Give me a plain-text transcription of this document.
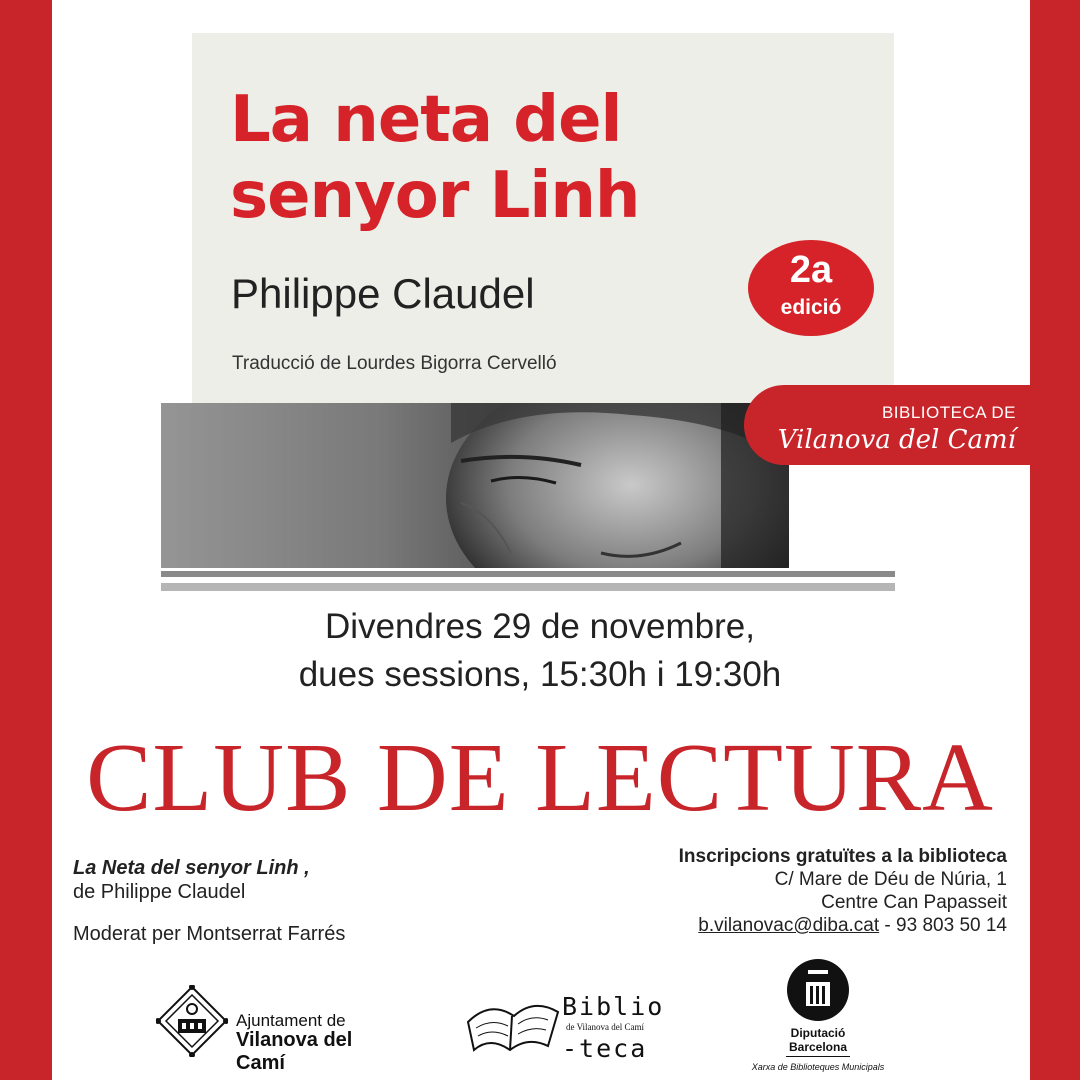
La neta del
senyor Linh
Philippe Claudel
Traducció de Lourdes Bigorra Cervelló
2a
edició
BIBLIOTECA DE
Vilanova del Camí
Divendres 29 de novembre,
dues sessions, 15:30h i 19:30h
CLUB DE LECTURA
La Neta del senyor Linh ,
de Philippe Claudel
Moderat per Montserrat Farrés
Inscripcions gratuïtes a la biblioteca
C/ Mare de Déu de Núria, 1
Centre Can Papasseit
b.vilanovac@diba.cat - 93 803 50 14
Ajuntament de
Vilanova del Camí
Biblio
de Vilanova del Camí
-teca
Diputació
Barcelona
Xarxa de Biblioteques Municipals
